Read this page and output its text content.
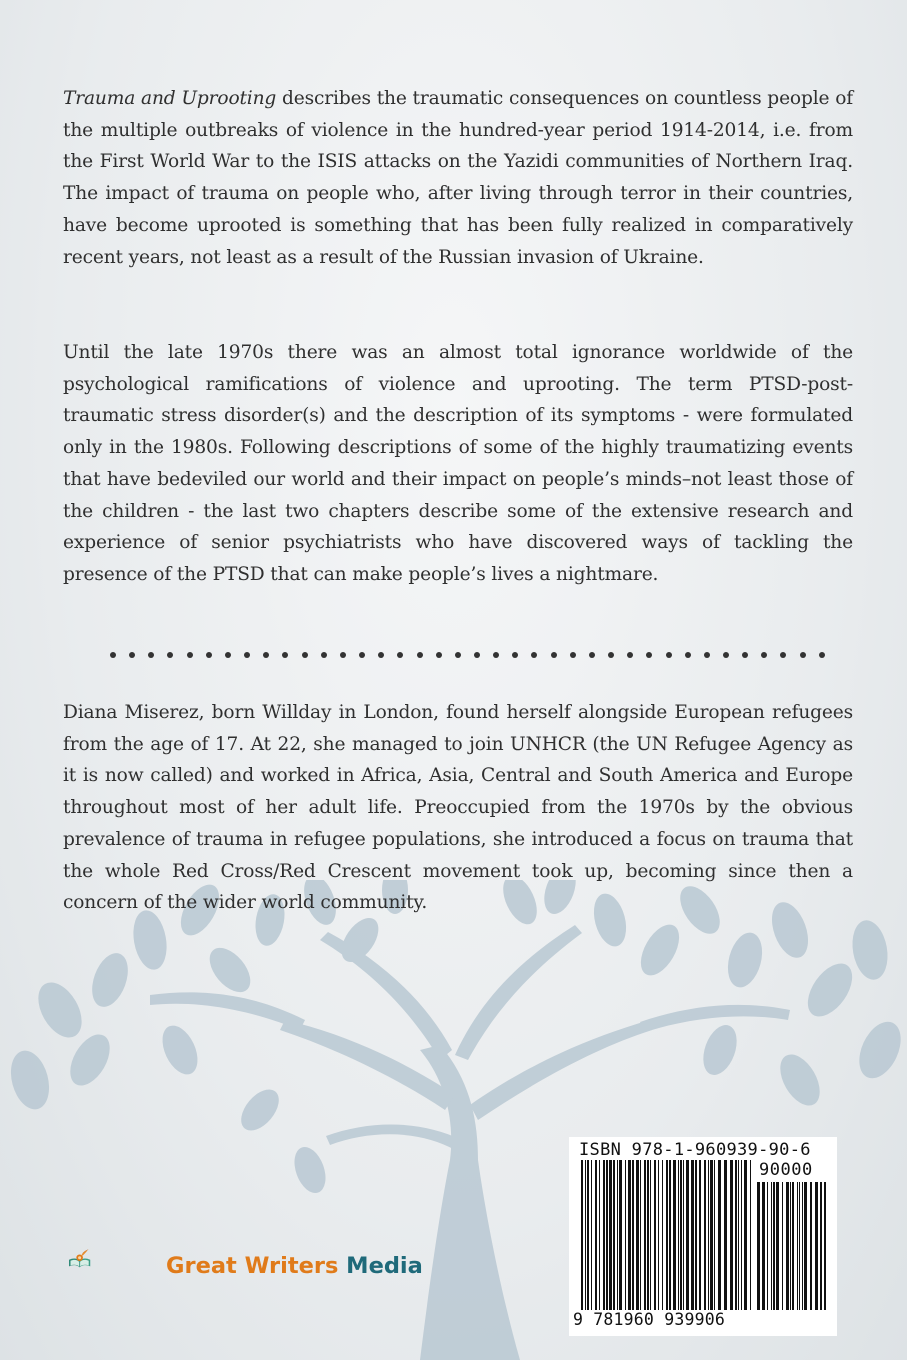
Trauma and Uprooting describes the traumatic consequences on countless people of the multiple outbreaks of violence in the hundred-year period 1914-2014, i.e. from the First World War to the ISIS attacks on the Yazidi communities of Northern Iraq. The impact of trauma on people who, after living through terror in their countries, have become uprooted is something that has been fully realized in comparatively recent years, not least as a result of the Russian invasion of Ukraine.
Until the late 1970s there was an almost total ignorance worldwide of the psychological ramifications of violence and uprooting. The term PTSD-post-traumatic stress disorder(s) and the description of its symptoms - were formulated only in the 1980s. Following descriptions of some of the highly traumatizing events that have bedeviled our world and their impact on people’s minds–not least those of the children - the last two chapters describe some of the extensive research and experience of senior psychiatrists who have discovered ways of tackling the presence of the PTSD that can make people’s lives a nightmare.
Diana Miserez, born Willday in London, found herself alongside European refugees from the age of 17. At 22, she managed to join UNHCR (the UN Refugee Agency as it is now called) and worked in Africa, Asia, Central and South America and Europe throughout most of her adult life. Preoccupied from the 1970s by the obvious prevalence of trauma in refugee populations, she introduced a focus on trauma that the whole Red Cross/Red Crescent movement took up, becoming since then a concern of the wider world community.
Great Writers Media
ISBN 978-1-960939-90-6
90000
9 781960 939906
